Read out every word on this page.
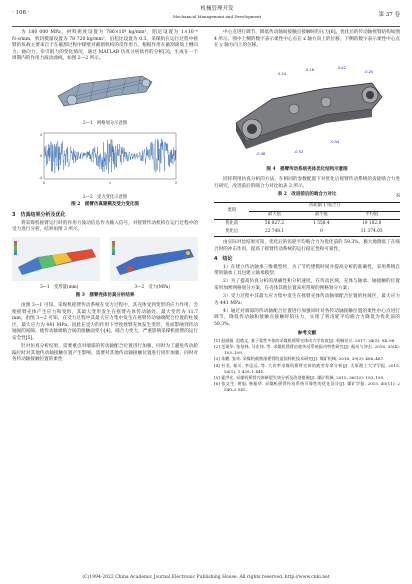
· 106 ·
机械管理开发
Mechanical Management and Development	第 37 卷

为 180 000 MPa，材料密度设置为 786×10⁴ kg/mm³，阻尼设置为 1×10⁻⁶ N·s/mm，剪切模量设置为 78 720 kg/mm²，泊松比设置为 0.3。采煤机在运行过程中摇臂的负载主要来自于在截割过程中煤壁对截割机构的反作用力，根据作用在截割滚筒上侧向力、轴向力、牵引阻力的变化情况，通过 MATLAB 仿真分析软件的分析[3]，生成在一个周期内的作用力波动曲线，如图 2—2 所示。

2—1　网格划分示意图
4
0
-4
0	1	2
2—2　受力变化示意图
图 2　摇臂仿真建模及受力变化图
3　仿真结果分析及优化

将采煤机摇臂运行时的作用力波动信息作为输入信号，对摇臂传动机构在运行过程中的受力进行分析，结果如图 3 所示。

3—1　变形量(mm)	3—2　受力(MPa)
图 3　摇臂壳体仿真分析结果

由图 3—1 可知，采煤机摇臂传动系统在受力过程中，其壳体受到变形的应力作用，会使摇臂壳体产生应力和变形，其最大变形发生在摇臂壳体传动轴处，最大变形为 11.7 mm。由图 3—2 可知，在受力过程中其最大应力集中发生在摇臂传动轴端配合位置的柱坡区，最大应力为 441 MPa。因此在受力的作用下导致摇臂壳体发生变形，进而影响到传动轴间的间隙，使传动轴端啮合间的接触面变小[4]，啮合力变大，严重影响采煤机摇臂的运行安全性[5]。

针对仿真分析结果，需要重点对端部的传动轴配合位置进行加强，同时为了避免传动轮偏位时对其他传动轴接触位置产生影响，需要对其他传动轴接触位置进行同步加强，同时对各传动轴接触位置的柔性

中心点进行调节，降低传动轴间接触点接触时的压力[6]。优化后的传动轴摇臂结构如图 4 所示，图中上侧的数字表示柔性中心点在 x 轴方向上的位移，下侧的数字表示柔性中心点在 y 轴方向上的位移。

0.24
0.18	0.42
-0.20
-0.36	-0.52
-0.54
图 4　摇臂传动系统壳体优化结构示意图

同样利用仿真分析的方法，在相同的参数配置下对优化后摇臂传动系统的齿轮啮合力进行研究，改进前后的啮合力对比如表 2 所示。

表 2　改进前后的啮合力对比
N
类别	齿轮副 1 啮合力		
	最大值	最小值	平均值
优化前	56 827.2	1 558.4	19 182.8
优化后	22 748.1	0	11 374.05

由实际对比结果可知，优化后的齿轮平均啮合力为优化前的 59.3%，极大地降低了在啮合时的冲击作用，提高了摇臂传动系统的运行稳定性和可靠性。

4　结论

1）在建立传动轴承三维模型时，为了节约建模时间并提高分析的准确性，采用系统自带的轴承工具包建立轴承模型；

2）为了提高仿真分析的准确性和分析速度，在传动区域，壳体与轴承、轴接触的位置采用加密网格划分方案，在壳体其他位置采用常规的网格划分方案；

3）受力过程中其最大应力集中发生在摇臂壳体传动轴端配合位置的柱坡区，最大应力为 441 MPa；

4）通过对端部的传动轴配合位置进行加强同时对各传动轴接触位置的柔性中心点进行调节，降低传动轴和接触点接触时的压力，实现了将齿轮平均啮合力降低为优化前的 59.3%。

参考文献
[1] 赵丽娟, 范皓文, 基于柔性多体的采煤机摇臂壳体动力学仿真[J]. 机械设计, 2017, 34(5): 94–98.
[2] 毛琦华, 张培林, 马宏伟, 等. 采煤机摇臂齿轮传动系统振动特性研究[J]. 振动与冲击, 2016, 35(4): 103–109.
[3] 朱鹏, 张奇. 采煤机截割部摇臂的虚拟样机技术研究[J]. 煤矿机械, 2018, 39(3): 466–467.
[4] 杜君, 秦川, 李忠远, 等. 大功率采煤机摇臂壳体的疲劳寿命分析[J]. 太原理工大学学报, 2019, 50(1): 1 435–1 441.
[5] 霍洪光. 采煤机摇臂壳体断裂失效分析及改进措施[J]. 煤矿机械, 2015, 36(10): 193–195.
[6] 张文生, 黄旭, 柴振华. 采煤机摇臂传动系统可靠性的优化设计[J]. 煤矿学报, 2015, 40(11): 2 540–2 545.
(C)1994-2022 China Academic Journal Electronic Publishing House. All rights reserved. http://www.cnki.net
